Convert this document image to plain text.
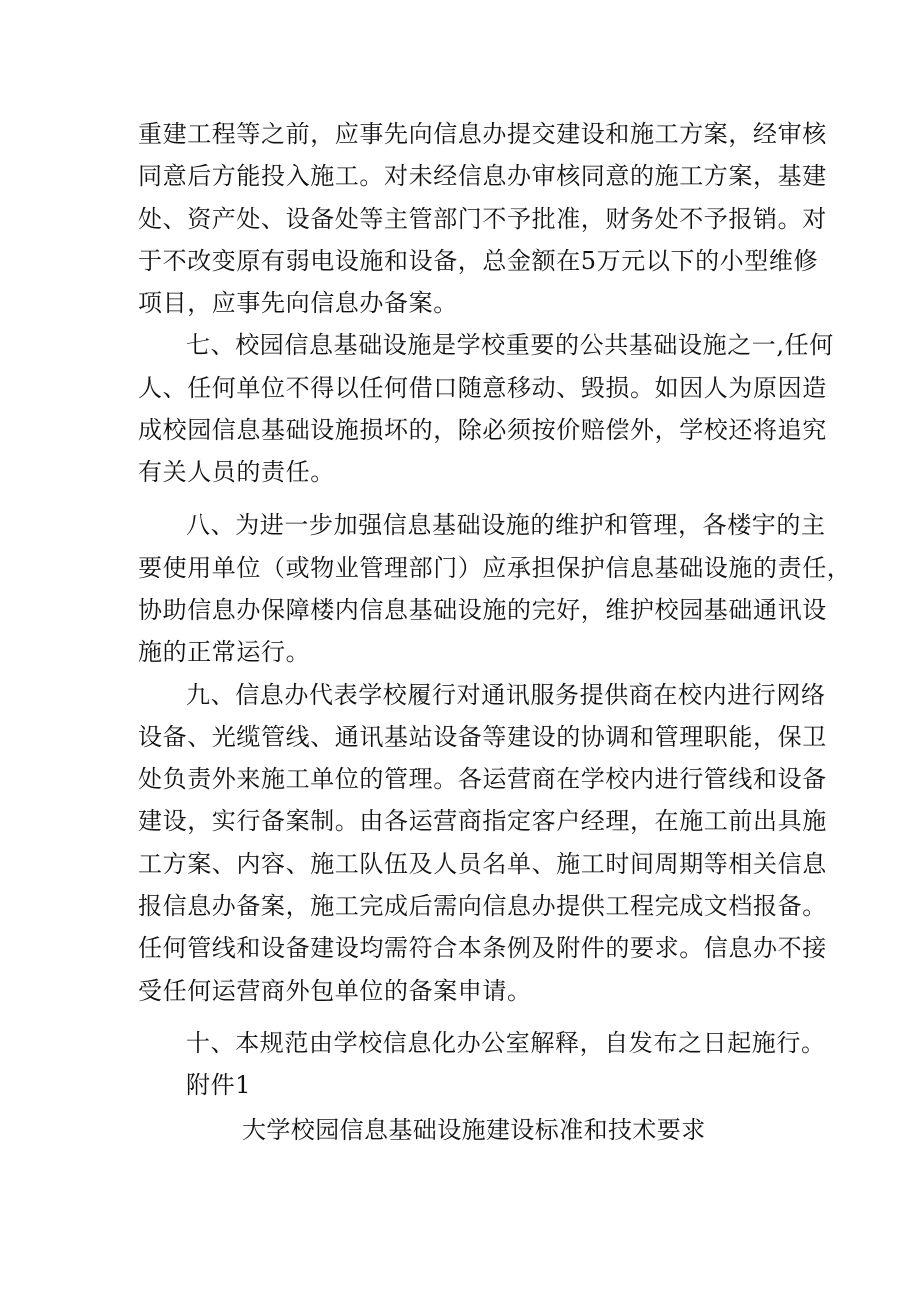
重建工程等之前，应事先向信息办提交建设和施工方案，经审核
同意后方能投入施工。对未经信息办审核同意的施工方案，基建
处、资产处、设备处等主管部门不予批准，财务处不予报销。对
于不改变原有弱电设施和设备，总金额在5万元以下的小型维修
项目，应事先向信息办备案。
七、校园信息基础设施是学校重要的公共基础设施之一,任何
人、任何单位不得以任何借口随意移动、毁损。如因人为原因造
成校园信息基础设施损坏的，除必须按价赔偿外，学校还将追究
有关人员的责任。
八、为进一步加强信息基础设施的维护和管理，各楼宇的主
要使用单位（或物业管理部门）应承担保护信息基础设施的责任，
协助信息办保障楼内信息基础设施的完好，维护校园基础通讯设
施的正常运行。
九、信息办代表学校履行对通讯服务提供商在校内进行网络
设备、光缆管线、通讯基站设备等建设的协调和管理职能，保卫
处负责外来施工单位的管理。各运营商在学校内进行管线和设备
建设，实行备案制。由各运营商指定客户经理，在施工前出具施
工方案、内容、施工队伍及人员名单、施工时间周期等相关信息
报信息办备案，施工完成后需向信息办提供工程完成文档报备。
任何管线和设备建设均需符合本条例及附件的要求。信息办不接
受任何运营商外包单位的备案申请。
十、本规范由学校信息化办公室解释，自发布之日起施行。
附件1
大学校园信息基础设施建设标准和技术要求
